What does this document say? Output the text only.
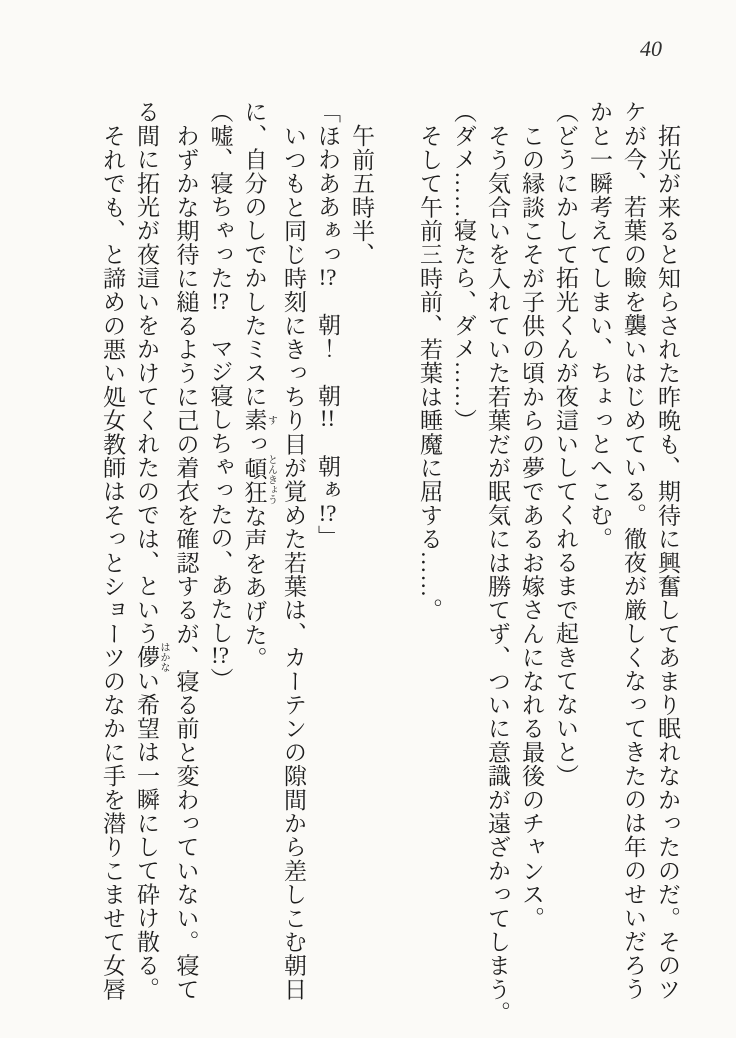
40
拓光が来ると知らされた昨晩も、期待に興奮してあまり眠れなかったのだ。そのツ
ケが今、若葉の瞼を襲いはじめている。徹夜が厳しくなってきたのは年のせいだろう
かと一瞬考えてしまい、ちょっとへこむ。
（どうにかして拓光くんが夜這いしてくれるまで起きてないと）
この縁談こそが子供の頃からの夢であるお嫁さんになれる最後のチャンス。
そう気合いを入れていた若葉だが眠気には勝てず、ついに意識が遠ざかってしまう。
（ダメ……寝たら、ダメ……）
そして午前三時前、若葉は睡魔に屈する……。
午前五時半、
「ほわああぁっ!?　朝！　朝!!　朝ぁ!?」
いつもと同じ時刻にきっちり目が覚めた若葉は、カーテンの隙間から差しこむ朝日
に、自分のしでかしたミスに素 すっ頓狂 とんきょうな声をあげた。
（嘘、寝ちゃった!?　マジ寝しちゃったの、あたし!?）
わずかな期待に縋るように己の着衣を確認するが、寝る前と変わっていない。寝て
る間に拓光が夜這いをかけてくれたのでは、という儚 はかない希望は一瞬にして砕け散る。
それでも、と諦めの悪い処女教師はそっとショーツのなかに手を潜りこませて女唇
